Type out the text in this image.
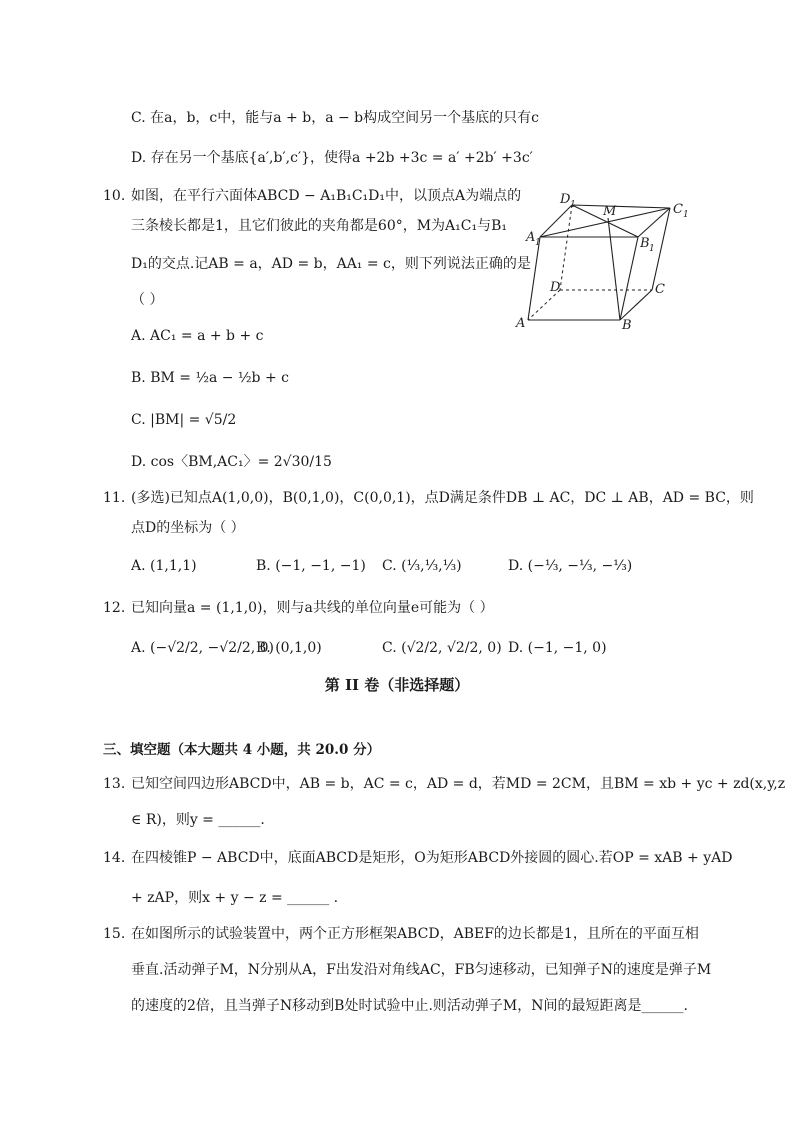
C. 在a，b，c中，能与a + b，a − b构成空间另一个基底的只有c
D. 存在另一个基底{a′,b′,c′}，使得a +2b +3c = a′ +2b′ +3c′
10. 如图，在平行六面体ABCD − A₁B₁C₁D₁中，以顶点A为端点的
三条棱长都是1，且它们彼此的夹角都是60°，M为A₁C₁与B₁
D₁的交点.记AB = a，AD = b，AA₁ = c，则下列说法正确的是
（ ）
A. AC₁ = a + b + c
B. BM = ½a − ½b + c
C. |BM| = √5/2
D. cos〈BM,AC₁〉= 2√30/15
D 1 M	C 1
A 1	B 1
D	C
A	B
11. (多选)已知点A(1,0,0)，B(0,1,0)，C(0,0,1)，点D满足条件DB ⊥ AC，DC ⊥ AB，AD = BC，则
点D的坐标为（ ）
A. (1,1,1)	B. (−1, −1, −1) C. (⅓,⅓,⅓)	D. (−⅓, −⅓, −⅓)
12. 已知向量a = (1,1,0)，则与a共线的单位向量e可能为（ ）
A. (−√2/2, −√2/2, 0)
B. (0,1,0)	C. (√2/2, √2/2, 0) D. (−1, −1, 0)
第 II 卷（非选择题）
三、填空题（本大题共 4 小题，共 20.0 分）
13. 已知空间四边形ABCD中，AB = b，AC = c，AD = d，若MD = 2CM，且BM = xb + yc + zd(x,y,z
∈ R)，则y = ______.
14. 在四棱锥P − ABCD中，底面ABCD是矩形，O为矩形ABCD外接圆的圆心.若OP = xAB + yAD
+ zAP，则x + y − z = ______ .
15. 在如图所示的试验装置中，两个正方形框架ABCD，ABEF的边长都是1，且所在的平面互相
垂直.活动弹子M，N分别从A，F出发沿对角线AC，FB匀速移动，已知弹子N的速度是弹子M
的速度的2倍，且当弹子N移动到B处时试验中止.则活动弹子M，N间的最短距离是______.
